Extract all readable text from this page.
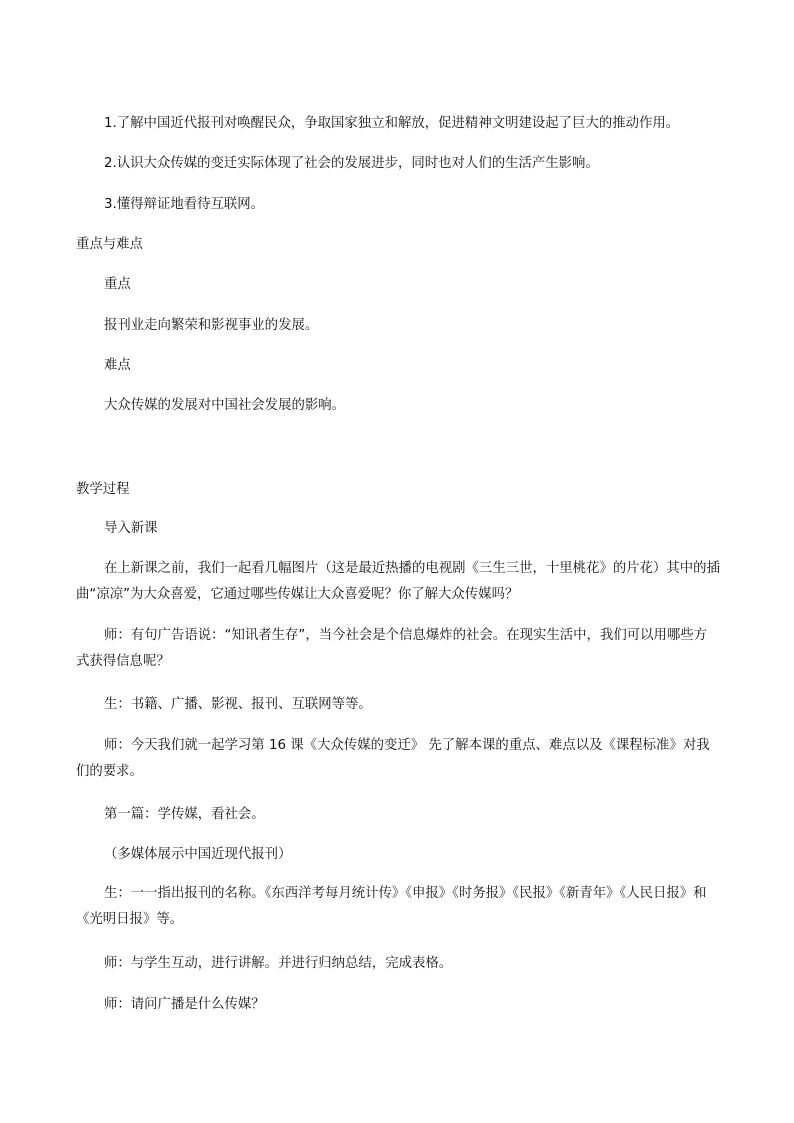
1.了解中国近代报刊对唤醒民众，争取国家独立和解放，促进精神文明建设起了巨大的推动作用。
2.认识大众传媒的变迁实际体现了社会的发展进步，同时也对人们的生活产生影响。
3.懂得辩证地看待互联网。
重点与难点
重点
报刊业走向繁荣和影视事业的发展。
难点
大众传媒的发展对中国社会发展的影响。
教学过程
导入新课
在上新课之前，我们一起看几幅图片（这是最近热播的电视剧《三生三世，十里桃花》的片花）其中的插曲“凉凉”为大众喜爱，它通过哪些传媒让大众喜爱呢？你了解大众传媒吗？
师：有句广告语说：“知讯者生存”，当今社会是个信息爆炸的社会。在现实生活中，我们可以用哪些方式获得信息呢？
生：书籍、广播、影视、报刊、互联网等等。
师：今天我们就一起学习第 16 课《大众传媒的变迁》 先了解本课的重点、难点以及《课程标准》对我们的要求。
第一篇：学传媒，看社会。
（多媒体展示中国近现代报刊）
生：一一指出报刊的名称。《东西洋考每月统计传》《申报》《时务报》《民报》《新青年》《人民日报》和《光明日报》等。
师：与学生互动，进行讲解。并进行归纳总结，完成表格。
师：请问广播是什么传媒？
